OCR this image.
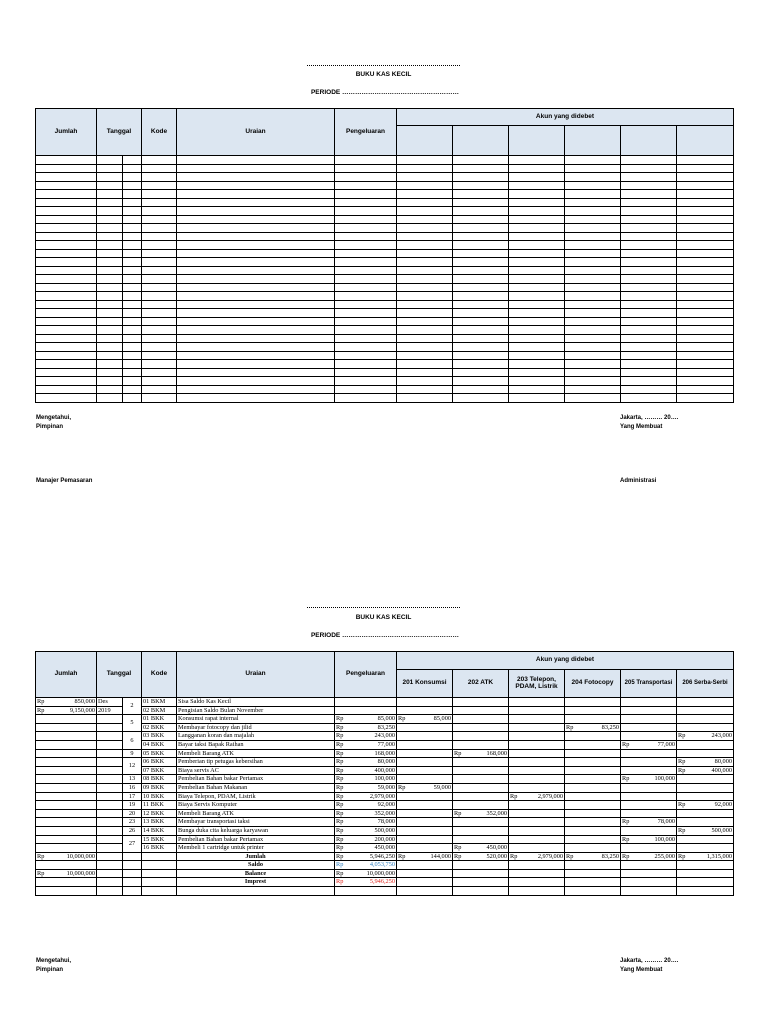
BUKU KAS KECIL
PERIODE ………………………………………………
Jumlah	Tanggal		Kode	Uraian	Pengeluaran	Akun yang didebet					

Mengetahui,
Pimpinan
Jakarta, ……… 20….
Yang Membuat
Manajer Pemasaran	Administrasi
BUKU KAS KECIL
PERIODE ………………………………………………
Jumlah	Tanggal		Kode	Uraian	Pengeluaran	Akun yang didebet					
						201 Konsumsi	202 ATK	203 Telepon, PDAM, Listrik	204 Fotocopy	205 Transportasi	206 Serba-Serbi

Rp 850,000	Des	2	01 BKM	Sisa Saldo Kas Kecil							

Rp 9,150,000	2019		02 BKM	Pengisian Saldo Bulan November							
		5	01 BKK	Konsumsi rapat internal	Rp 85,000	Rp 85,000					

			02 BKK	Membayar fotocopy dan jilid	Rp 83,250				Rp 83,250		

		6	03 BKK	Langganan koran dan majalah	Rp 243,000						Rp 243,000

			04 BKK	Bayar taksi Bapak Raihan	Rp 77,000					Rp 77,000	

		9	05 BKK	Membeli Barang ATK	Rp 168,000		Rp 168,000				

		12	06 BKK	Pemberian tip petugas kebersihan	Rp 80,000						Rp 80,000

			07 BKK	Biaya servis AC	Rp 400,000						Rp 400,000

		13	08 BKK	Pembelian Bahan bakar Pertamax	Rp 100,000					Rp 100,000	

		16	09 BKK	Pembelian Bahan Makanan	Rp 59,000	Rp 59,000					

		17	10 BKK	Biaya Telepon, PDAM, Listrik	Rp 2,979,000			Rp 2,979,000			

		19	11 BKK	Biaya Servis Komputer	Rp 92,000						Rp 92,000

		20	12 BKK	Membeli Barang ATK	Rp 352,000		Rp 352,000				

		23	13 BKK	Membayar transportasi taksi	Rp 78,000					Rp 78,000	

		26	14 BKK	Bunga duka cita keluarga karyawan	Rp 500,000						Rp 500,000

		27	15 BKK	Pembelian Bahan bakar Pertamax	Rp 200,000					Rp 100,000	

			16 BKK	Membeli 1 cartridge untuk printer	Rp 450,000		Rp 450,000				

Rp 10,000,000				Jumlah	Rp 5,946,250	Rp 144,000	Rp 520,000	Rp 2,979,000	Rp 83,250	Rp 255,000	Rp 1,315,000

				Saldo	Rp 4,053,750						

Rp 10,000,000				Balance	Rp 10,000,000						

				Imprest	Rp 5,946,250						

Mengetahui,
Pimpinan
Jakarta, ……… 20….
Yang Membuat
